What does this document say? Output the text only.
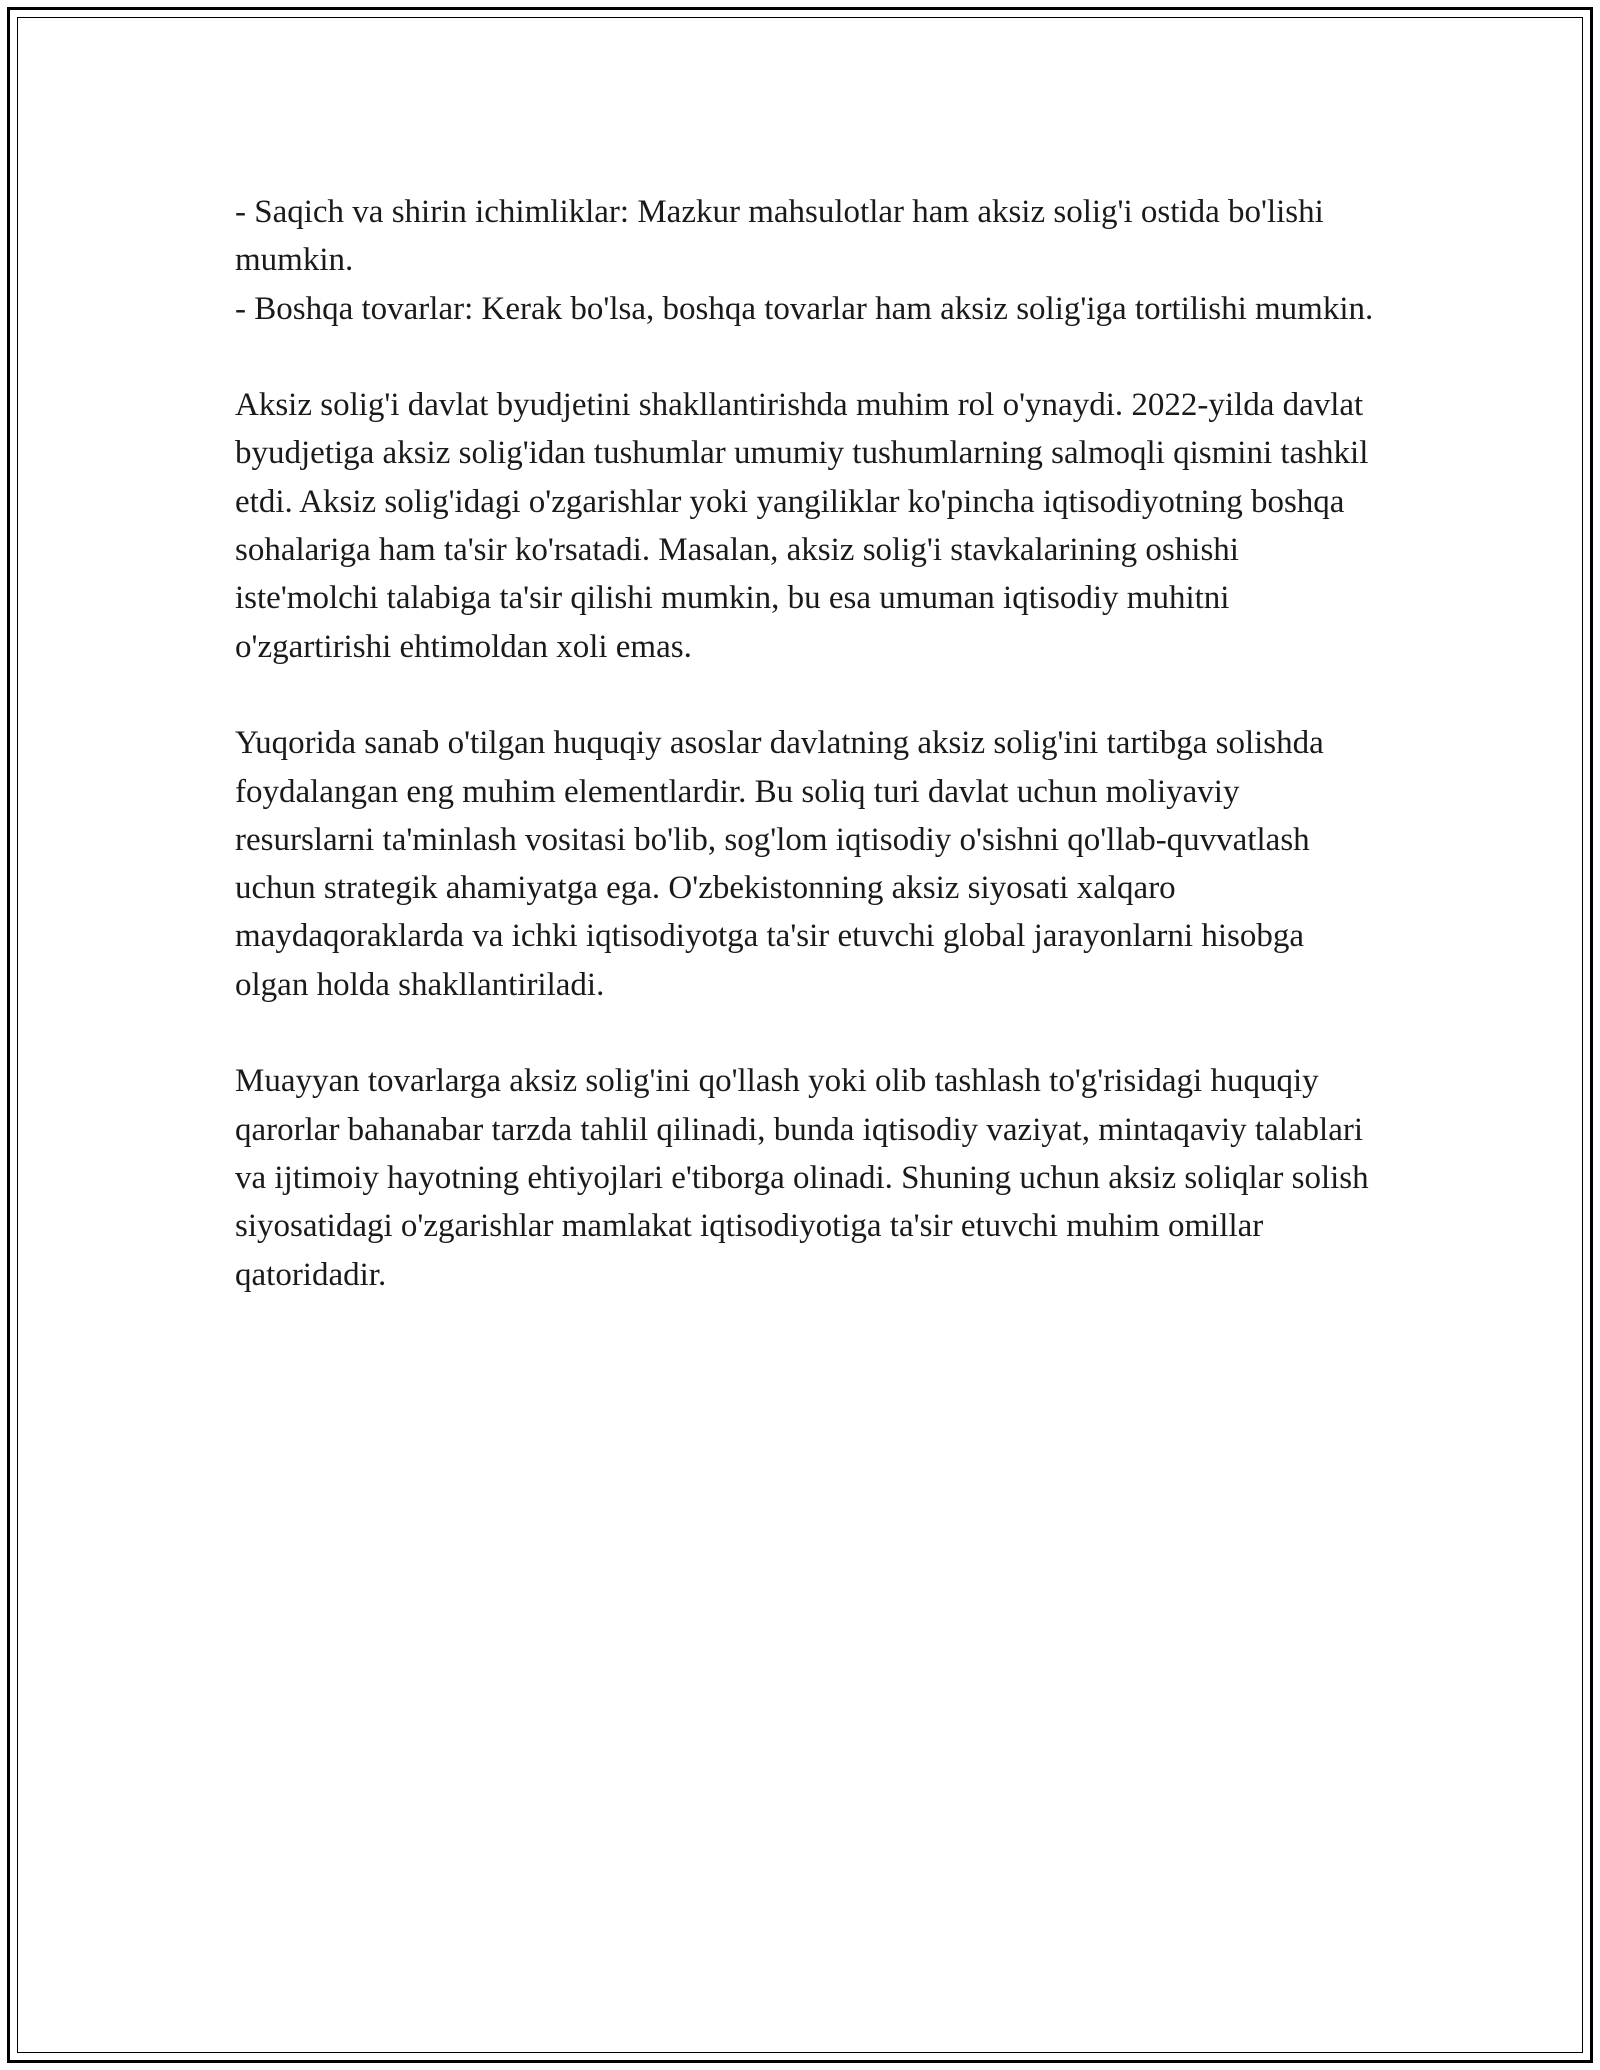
- Saqich va shirin ichimliklar: Mazkur mahsulotlar ham aksiz solig'i ostida bo'lishi mumkin.
- Boshqa tovarlar: Kerak bo'lsa, boshqa tovarlar ham aksiz solig'iga tortilishi mumkin.

Aksiz solig'i davlat byudjetini shakllantirishda muhim rol o'ynaydi. 2022-yilda davlat byudjetiga aksiz solig'idan tushumlar umumiy tushumlarning salmoqli qismini tashkil etdi. Aksiz solig'idagi o'zgarishlar yoki yangiliklar ko'pincha iqtisodiyotning boshqa sohalariga ham ta'sir ko'rsatadi. Masalan, aksiz solig'i stavkalarining oshishi iste'molchi talabiga ta'sir qilishi mumkin, bu esa umuman iqtisodiy muhitni o'zgartirishi ehtimoldan xoli emas.

Yuqorida sanab o'tilgan huquqiy asoslar davlatning aksiz solig'ini tartibga solishda foydalangan eng muhim elementlardir. Bu soliq turi davlat uchun moliyaviy resurslarni ta'minlash vositasi bo'lib, sog'lom iqtisodiy o'sishni qo'llab-quvvatlash uchun strategik ahamiyatga ega. O'zbekistonning aksiz siyosati xalqaro maydaqoraklarda va ichki iqtisodiyotga ta'sir etuvchi global jarayonlarni hisobga olgan holda shakllantiriladi.

Muayyan tovarlarga aksiz solig'ini qo'llash yoki olib tashlash to'g'risidagi huquqiy qarorlar bahanabar tarzda tahlil qilinadi, bunda iqtisodiy vaziyat, mintaqaviy talablari va ijtimoiy hayotning ehtiyojlari e'tiborga olinadi. Shuning uchun aksiz soliqlar solish siyosatidagi o'zgarishlar mamlakat iqtisodiyotiga ta'sir etuvchi muhim omillar qatoridadir.
